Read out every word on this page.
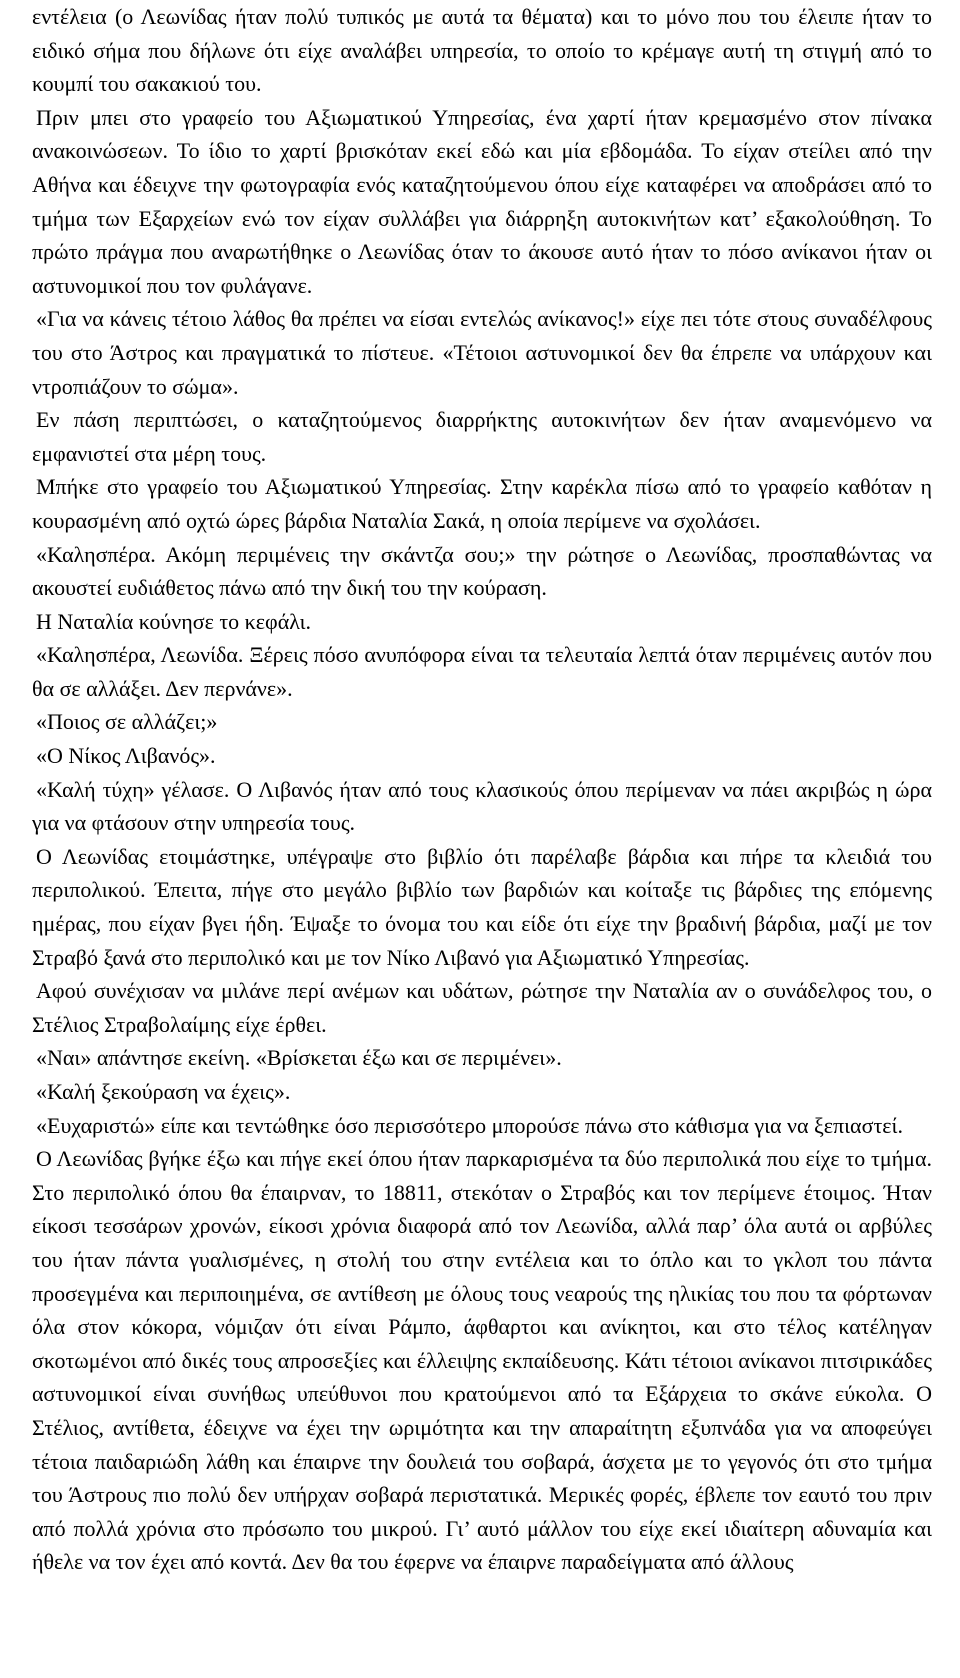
εντέλεια (ο Λεωνίδας ήταν πολύ τυπικός με αυτά τα θέματα) και το μόνο που του έλειπε ήταν το ειδικό σήμα που δήλωνε ότι είχε αναλάβει υπηρεσία, το οποίο το κρέμαγε αυτή τη στιγμή από το κουμπί του σακακιού του.

Πριν μπει στο γραφείο του Αξιωματικού Υπηρεσίας, ένα χαρτί ήταν κρεμασμένο στον πίνακα ανακοινώσεων. Το ίδιο το χαρτί βρισκόταν εκεί εδώ και μία εβδομάδα. Το είχαν στείλει από την Αθήνα και έδειχνε την φωτογραφία ενός καταζητούμενου όπου είχε καταφέρει να αποδράσει από το τμήμα των Εξαρχείων ενώ τον είχαν συλλάβει για διάρρηξη αυτοκινήτων κατ’ εξακολούθηση. Το πρώτο πράγμα που αναρωτήθηκε ο Λεωνίδας όταν το άκουσε αυτό ήταν το πόσο ανίκανοι ήταν οι αστυνομικοί που τον φυλάγανε.

«Για να κάνεις τέτοιο λάθος θα πρέπει να είσαι εντελώς ανίκανος!» είχε πει τότε στους συναδέλφους του στο Άστρος και πραγματικά το πίστευε. «Τέτοιοι αστυνομικοί δεν θα έπρεπε να υπάρχουν και ντροπιάζουν το σώμα».

Εν πάση περιπτώσει, ο καταζητούμενος διαρρήκτης αυτοκινήτων δεν ήταν αναμενόμενο να εμφανιστεί στα μέρη τους.

Μπήκε στο γραφείο του Αξιωματικού Υπηρεσίας. Στην καρέκλα πίσω από το γραφείο καθόταν η κουρασμένη από οχτώ ώρες βάρδια Ναταλία Σακά, η οποία περίμενε να σχολάσει.

«Καλησπέρα. Ακόμη περιμένεις την σκάντζα σου;» την ρώτησε ο Λεωνίδας, προσπαθώντας να ακουστεί ευδιάθετος πάνω από την δική του την κούραση.

Η Ναταλία κούνησε το κεφάλι.

«Καλησπέρα, Λεωνίδα. Ξέρεις πόσο ανυπόφορα είναι τα τελευταία λεπτά όταν περιμένεις αυτόν που θα σε αλλάξει. Δεν περνάνε».

«Ποιος σε αλλάζει;»

«Ο Νίκος Λιβανός».

«Καλή τύχη» γέλασε. Ο Λιβανός ήταν από τους κλασικούς όπου περίμεναν να πάει ακριβώς η ώρα για να φτάσουν στην υπηρεσία τους.

Ο Λεωνίδας ετοιμάστηκε, υπέγραψε στο βιβλίο ότι παρέλαβε βάρδια και πήρε τα κλειδιά του περιπολικού. Έπειτα, πήγε στο μεγάλο βιβλίο των βαρδιών και κοίταξε τις βάρδιες της επόμενης ημέρας, που είχαν βγει ήδη. Έψαξε το όνομα του και είδε ότι είχε την βραδινή βάρδια, μαζί με τον Στραβό ξανά στο περιπολικό και με τον Νίκο Λιβανό για Αξιωματικό Υπηρεσίας.

Αφού συνέχισαν να μιλάνε περί ανέμων και υδάτων, ρώτησε την Ναταλία αν ο συνάδελφος του, ο Στέλιος Στραβολαίμης είχε έρθει.

«Ναι» απάντησε εκείνη. «Βρίσκεται έξω και σε περιμένει».

«Καλή ξεκούραση να έχεις».

«Ευχαριστώ» είπε και τεντώθηκε όσο περισσότερο μπορούσε πάνω στο κάθισμα για να ξεπιαστεί.

Ο Λεωνίδας βγήκε έξω και πήγε εκεί όπου ήταν παρκαρισμένα τα δύο περιπολικά που είχε το τμήμα. Στο περιπολικό όπου θα έπαιρναν, το 18811, στεκόταν ο Στραβός και τον περίμενε έτοιμος. Ήταν είκοσι τεσσάρων χρονών, είκοσι χρόνια διαφορά από τον Λεωνίδα, αλλά παρ’ όλα αυτά οι αρβύλες του ήταν πάντα γυαλισμένες, η στολή του στην εντέλεια και το όπλο και το γκλοπ του πάντα προσεγμένα και περιποιημένα, σε αντίθεση με όλους τους νεαρούς της ηλικίας του που τα φόρτωναν όλα στον κόκορα, νόμιζαν ότι είναι Ράμπο, άφθαρτοι και ανίκητοι, και στο τέλος κατέληγαν σκοτωμένοι από δικές τους απροσεξίες και έλλειψης εκπαίδευσης. Κάτι τέτοιοι ανίκανοι πιτσιρικάδες αστυνομικοί είναι συνήθως υπεύθυνοι που κρατούμενοι από τα Εξάρχεια το σκάνε εύκολα. Ο Στέλιος, αντίθετα, έδειχνε να έχει την ωριμότητα και την απαραίτητη εξυπνάδα για να αποφεύγει τέτοια παιδαριώδη λάθη και έπαιρνε την δουλειά του σοβαρά, άσχετα με το γεγονός ότι στο τμήμα του Άστρους πιο πολύ δεν υπήρχαν σοβαρά περιστατικά. Μερικές φορές, έβλεπε τον εαυτό του πριν από πολλά χρόνια στο πρόσωπο του μικρού. Γι’ αυτό μάλλον του είχε εκεί ιδιαίτερη αδυναμία και ήθελε να τον έχει από κοντά. Δεν θα του έφερνε να έπαιρνε παραδείγματα από άλλους
